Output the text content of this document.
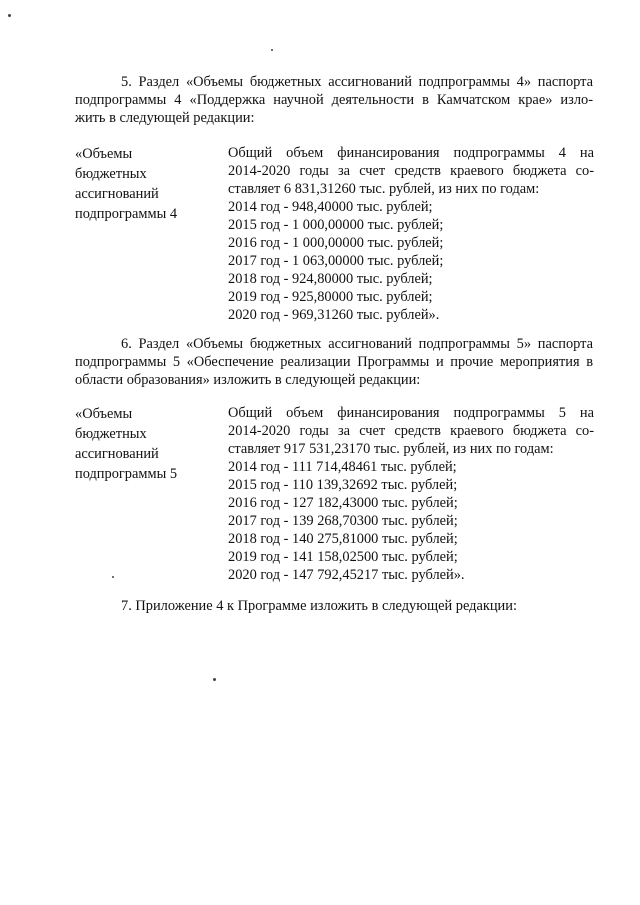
5. Раздел «Объемы бюджетных ассигнований подпрограммы 4» паспорта
подпрограммы 4 «Поддержка научной деятельности в Камчатском крае» изло-
жить в следующей редакции:
«Объемы
бюджетных
ассигнований
подпрограммы 4
Общий объем финансирования подпрограммы 4 на
2014-2020 годы за счет средств краевого бюджета со-
ставляет 6 831,31260 тыс. рублей, из них по годам:
2014 год - 948,40000 тыс. рублей;
2015 год - 1 000,00000 тыс. рублей;
2016 год - 1 000,00000 тыс. рублей;
2017 год - 1 063,00000 тыс. рублей;
2018 год - 924,80000 тыс. рублей;
2019 год - 925,80000 тыс. рублей;
2020 год - 969,31260 тыс. рублей».
6. Раздел «Объемы бюджетных ассигнований подпрограммы 5» паспорта
подпрограммы 5 «Обеспечение реализации Программы и прочие мероприятия в
области образования» изложить в следующей редакции:
«Объемы
бюджетных
ассигнований
подпрограммы 5
Общий объем финансирования подпрограммы 5 на
2014-2020 годы за счет средств краевого бюджета со-
ставляет 917 531,23170 тыс. рублей, из них по годам:
2014 год - 111 714,48461 тыс. рублей;
2015 год - 110 139,32692 тыс. рублей;
2016 год - 127 182,43000 тыс. рублей;
2017 год - 139 268,70300 тыс. рублей;
2018 год - 140 275,81000 тыс. рублей;
2019 год - 141 158,02500 тыс. рублей;
2020 год - 147 792,45217 тыс. рублей».
7. Приложение 4 к Программе изложить в следующей редакции:
